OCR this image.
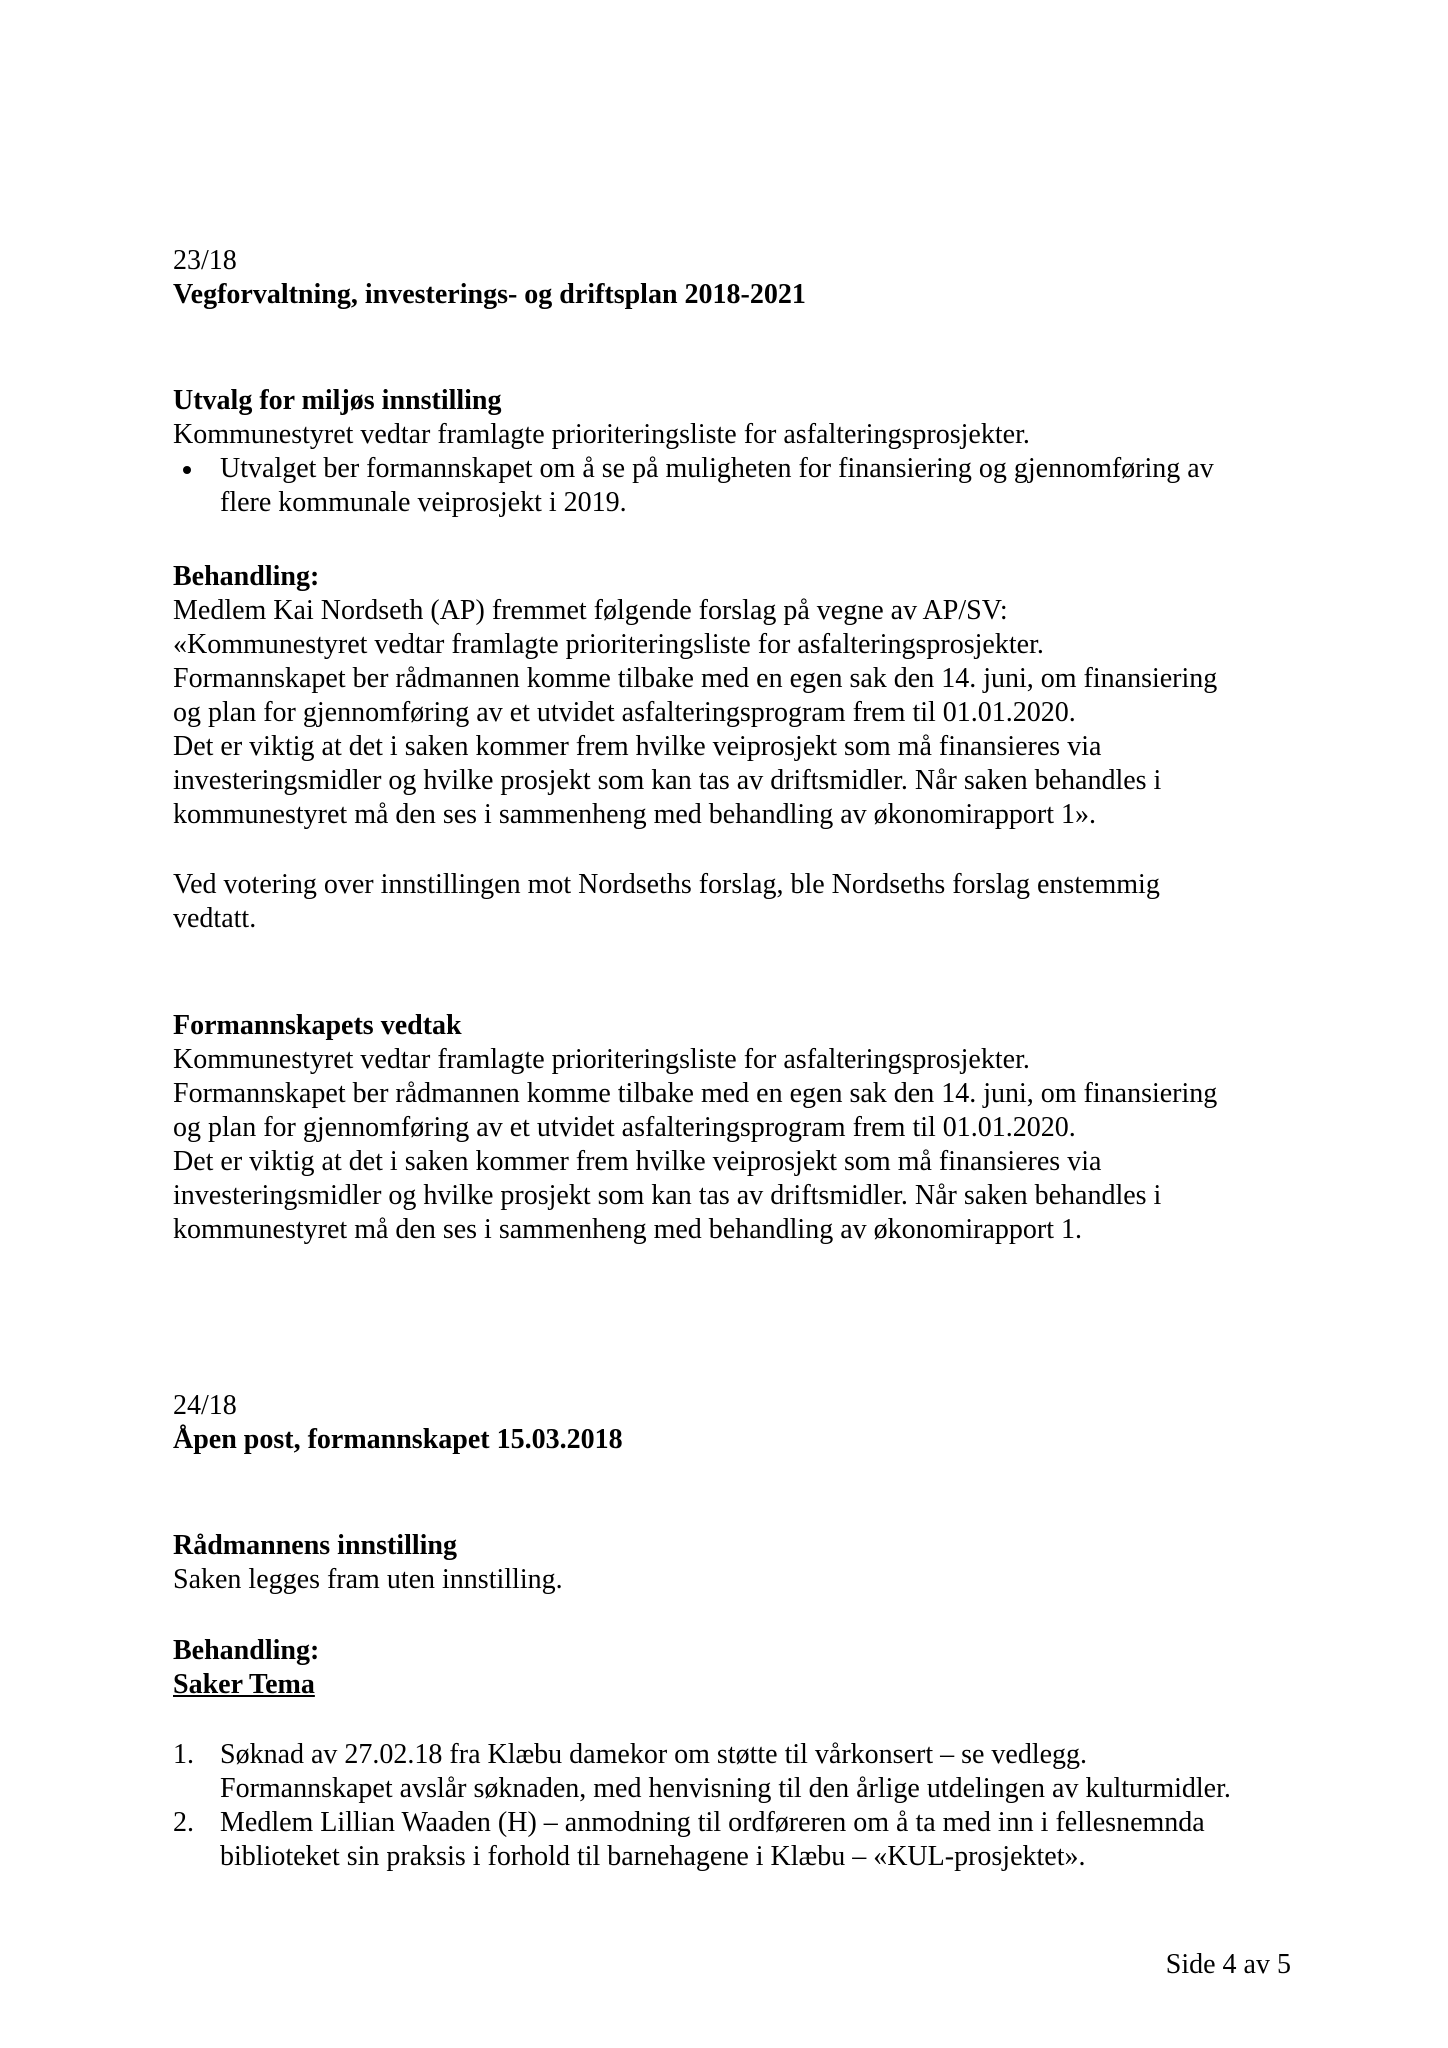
23/18

Vegforvaltning, investerings- og driftsplan 2018-2021

Utvalg for miljøs innstilling

Kommunestyret vedtar framlagte prioriteringsliste for asfalteringsprosjekter.

Utvalget ber formannskapet om å se på muligheten for finansiering og gjennomføring av

flere kommunale veiprosjekt i 2019.

Behandling:

Medlem Kai Nordseth (AP) fremmet følgende forslag på vegne av AP/SV:

«Kommunestyret vedtar framlagte prioriteringsliste for asfalteringsprosjekter.

Formannskapet ber rådmannen komme tilbake med en egen sak den 14. juni, om finansiering

og plan for gjennomføring av et utvidet asfalteringsprogram frem til 01.01.2020.

Det er viktig at det i saken kommer frem hvilke veiprosjekt som må finansieres via

investeringsmidler og hvilke prosjekt som kan tas av driftsmidler. Når saken behandles i

kommunestyret må den ses i sammenheng med behandling av økonomirapport 1».

Ved votering over innstillingen mot Nordseths forslag, ble Nordseths forslag enstemmig

vedtatt.

Formannskapets vedtak

Kommunestyret vedtar framlagte prioriteringsliste for asfalteringsprosjekter.

Formannskapet ber rådmannen komme tilbake med en egen sak den 14. juni, om finansiering

og plan for gjennomføring av et utvidet asfalteringsprogram frem til 01.01.2020.

Det er viktig at det i saken kommer frem hvilke veiprosjekt som må finansieres via

investeringsmidler og hvilke prosjekt som kan tas av driftsmidler. Når saken behandles i

kommunestyret må den ses i sammenheng med behandling av økonomirapport 1.

24/18

Åpen post, formannskapet 15.03.2018

Rådmannens innstilling

Saken legges fram uten innstilling.

Behandling:

Saker Tema

1. Søknad av 27.02.18 fra Klæbu damekor om støtte til vårkonsert – se vedlegg.

Formannskapet avslår søknaden, med henvisning til den årlige utdelingen av kulturmidler.

2. Medlem Lillian Waaden (H) – anmodning til ordføreren om å ta med inn i fellesnemnda

biblioteket sin praksis i forhold til barnehagene i Klæbu – «KUL-prosjektet».

Side 4 av 5
